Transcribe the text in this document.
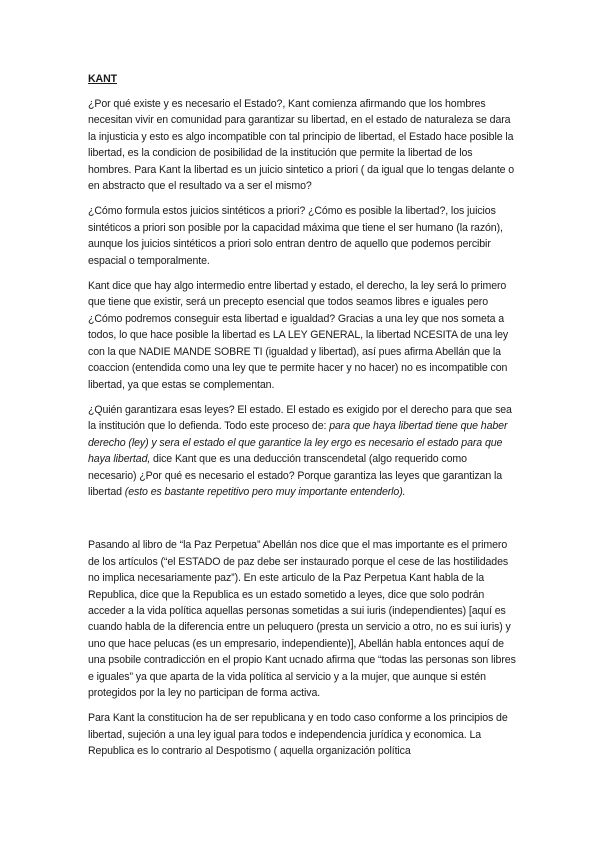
KANT

¿Por qué existe y es necesario el Estado?, Kant comienza afirmando que los hombres necesitan vivir en comunidad para garantizar su libertad, en el estado de naturaleza se dara la injusticia y esto es algo incompatible con tal principio de libertad, el Estado hace posible la libertad, es la condicion de posibilidad de la institución que permite la libertad de los hombres. Para Kant la libertad es un juicio sintetico a priori ( da igual que lo tengas delante o en abstracto que el resultado va a ser el mismo?

¿Cómo formula estos juicios sintéticos a priori? ¿Cómo es posible la libertad?, los juicios sintéticos a priori son posible por la capacidad máxima que tiene el ser humano (la razón), aunque los juicios sintéticos a priori solo entran dentro de aquello que podemos percibir espacial o temporalmente.

Kant dice que hay algo intermedio entre libertad y estado, el derecho, la ley será lo primero que tiene que existir, será un precepto esencial que todos seamos libres e iguales pero ¿Cómo podremos conseguir esta libertad e igualdad? Gracias a una ley que nos someta a todos, lo que hace posible la libertad es LA LEY GENERAL, la libertad NCESITA de una ley con la que NADIE MANDE SOBRE TI (igualdad y libertad), así pues afirma Abellán que la coaccion (entendida como una ley que te permite hacer y no hacer) no es incompatible con libertad, ya que estas se complementan.

¿Quién garantizara esas leyes? El estado. El estado es exigido por el derecho para que sea la institución que lo defienda. Todo este proceso de: para que haya libertad tiene que haber derecho (ley) y sera el estado el que garantice la ley ergo es necesario el estado para que haya libertad, dice Kant que es una deducción transcendetal (algo requerido como necesario) ¿Por qué es necesario el estado? Porque garantiza las leyes que garantizan la libertad (esto es bastante repetitivo pero muy importante entenderlo).

Pasando al libro de “la Paz Perpetua” Abellán nos dice que el mas importante es el primero de los artículos (“el ESTADO de paz debe ser instaurado porque el cese de las hostilidades no implica necesariamente paz”). En este articulo de la Paz Perpetua Kant habla de la Republica, dice que la Republica es un estado sometido a leyes, dice que solo podrán acceder a la vida política aquellas personas sometidas a sui iuris (independientes) [aquí es cuando habla de la diferencia entre un peluquero (presta un servicio a otro, no es sui iuris) y uno que hace pelucas (es un empresario, independiente)], Abellán habla entonces aquí de una psobile contradicción en el propio Kant ucnado afirma que “todas las personas son libres e iguales” ya que aparta de la vida política al servicio y a la mujer, que aunque si estén protegidos por la ley no participan de forma activa.

Para Kant la constitucion ha de ser republicana y en todo caso conforme a los principios de libertad, sujeción a una ley igual para todos e independencia jurídica y economica. La Republica es lo contrario al Despotismo ( aquella organización política
